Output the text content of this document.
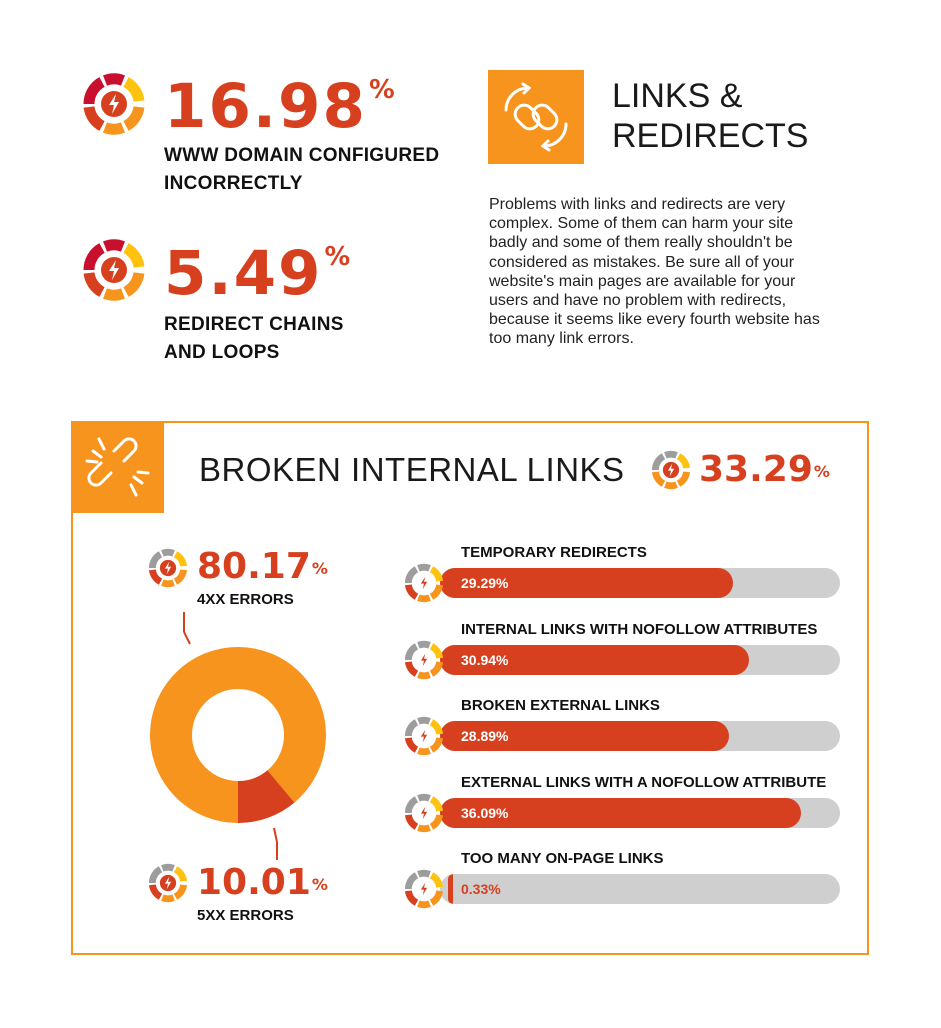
16.98%
WWW DOMAIN CONFIGURED
INCORRECTLY
5.49%
REDIRECT CHAINS
AND LOOPS
LINKS &
REDIRECTS
Problems with links and redirects are very
complex. Some of them can harm your site
badly and some of them really shouldn't be
considered as mistakes. Be sure all of your
website's main pages are available for your
users and have no problem with redirects,
because it seems like every fourth website has
too many link errors.
BROKEN INTERNAL LINKS 33.29%
80.17%
4XX ERRORS
10.01%
5XX ERRORS
TEMPORARY REDIRECTS
29.29%
INTERNAL LINKS WITH NOFOLLOW ATTRIBUTES
30.94%
BROKEN EXTERNAL LINKS
28.89%
EXTERNAL LINKS WITH A NOFOLLOW ATTRIBUTE
36.09%
TOO MANY ON-PAGE LINKS
0.33%
